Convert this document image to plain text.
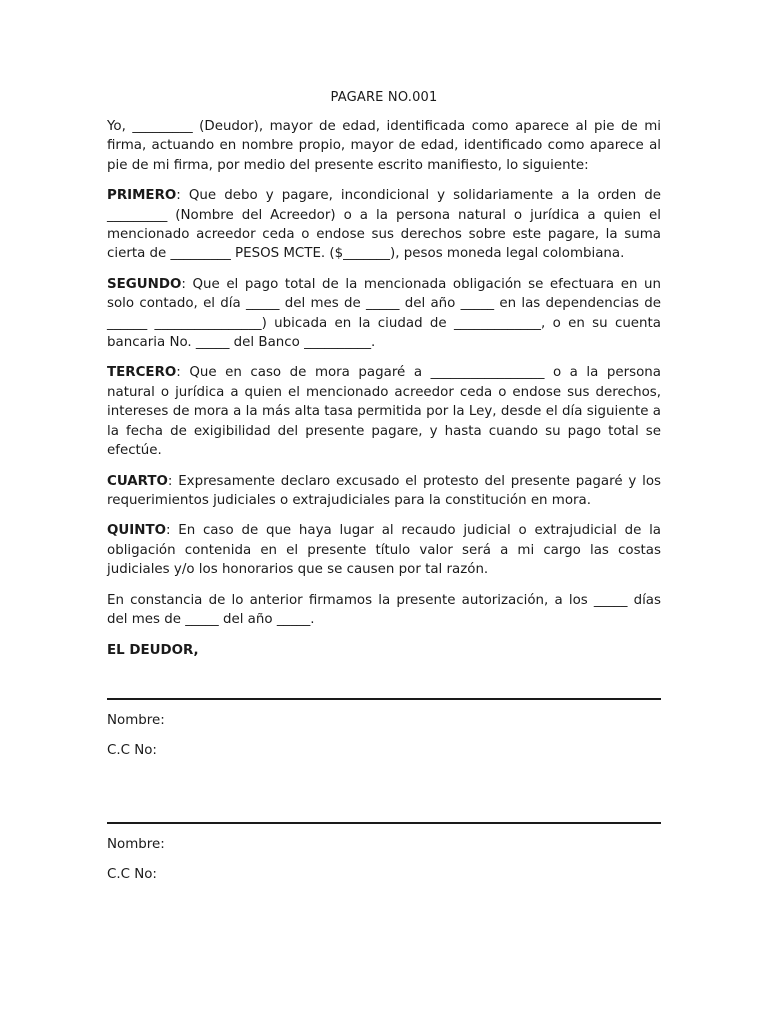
PAGARE NO.001

Yo, _________ (Deudor), mayor de edad, identificada como aparece al pie de mi firma, actuando en nombre propio, mayor de edad, identificado como aparece al pie de mi firma, por medio del presente escrito manifiesto, lo siguiente:

PRIMERO: Que debo y pagare, incondicional y solidariamente a la orden de _________ (Nombre del Acreedor) o a la persona natural o jurídica a quien el mencionado acreedor ceda o endose sus derechos sobre este pagare, la suma cierta de _________ PESOS MCTE. ($_______), pesos moneda legal colombiana.

SEGUNDO: Que el pago total de la mencionada obligación se efectuara en un solo contado, el día _____ del mes de _____ del año _____ en las dependencias de ______ ________________) ubicada en la ciudad de _____________, o en su cuenta bancaria No. _____ del Banco __________.

TERCERO: Que en caso de mora pagaré a _________________ o a la persona natural o jurídica a quien el mencionado acreedor ceda o endose sus derechos, intereses de mora a la más alta tasa permitida por la Ley, desde el día siguiente a la fecha de exigibilidad del presente pagare, y hasta cuando su pago total se efectúe.

CUARTO: Expresamente declaro excusado el protesto del presente pagaré y los requerimientos judiciales o extrajudiciales para la constitución en mora.

QUINTO: En caso de que haya lugar al recaudo judicial o extrajudicial de la obligación contenida en el presente título valor será a mi cargo las costas judiciales y/o los honorarios que se causen por tal razón.

En constancia de lo anterior firmamos la presente autorización, a los _____ días del mes de _____ del año _____.

EL DEUDOR,

Nombre:
C.C No:
Nombre:
C.C No:
